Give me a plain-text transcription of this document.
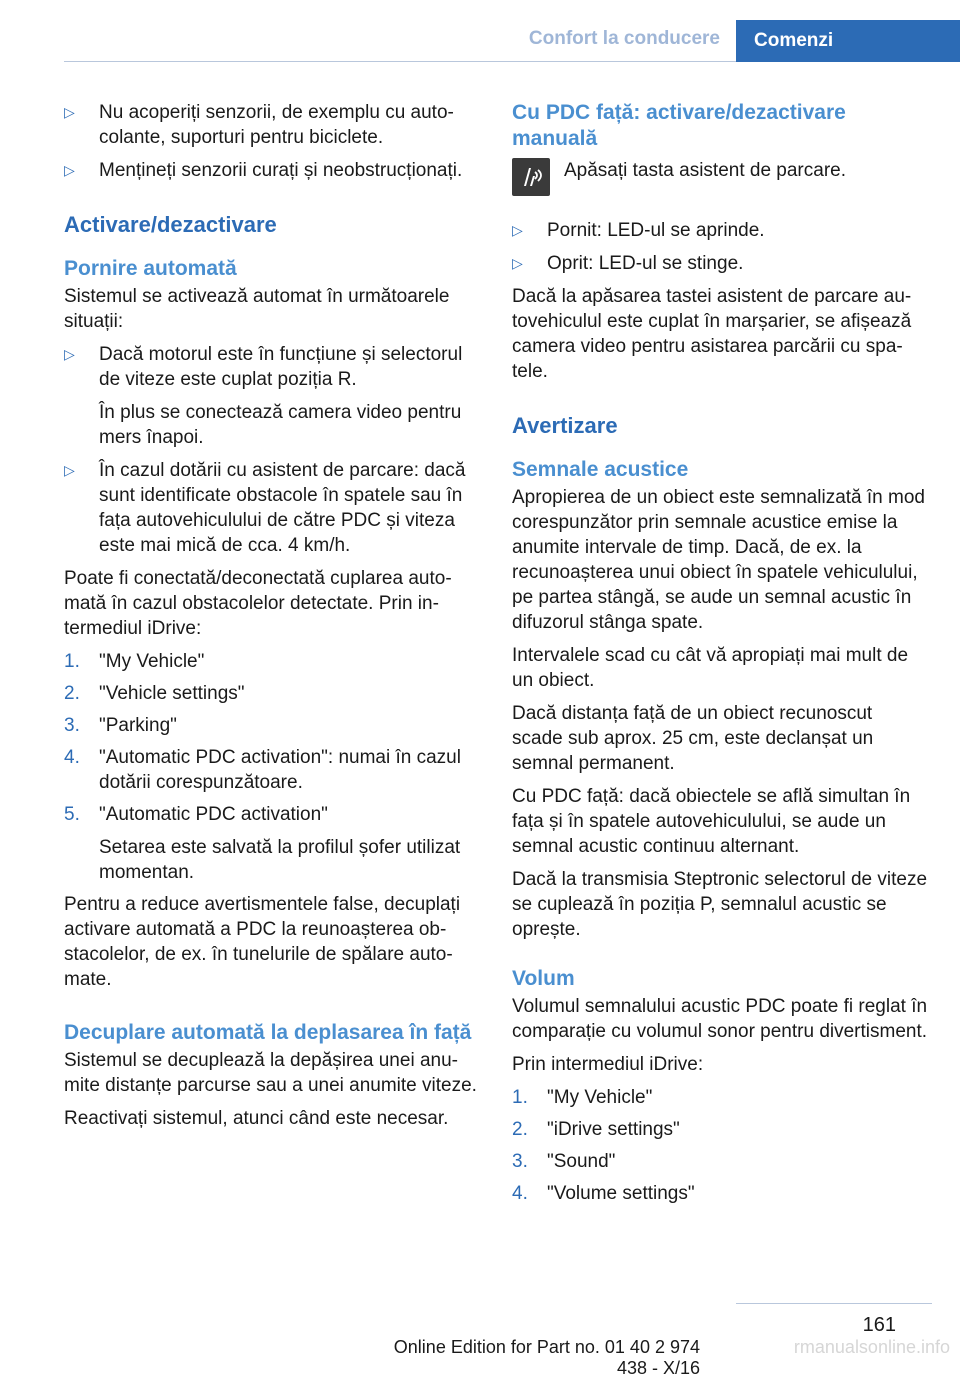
Confort la conducere	Comenzi
▷ Nu acoperiți senzorii, de exemplu cu autocolante, suporturi pentru biciclete.
▷ Mențineți senzorii curați și neobstrucționați.
Activare/dezactivare
Pornire automată

Sistemul se activează automat în următoarele situații:

▷ Dacă motorul este în funcțiune și selectorul de viteze este cuplat poziția R.
În plus se conectează camera video pentru mers înapoi.
▷ În cazul dotării cu asistent de parcare: dacă sunt identificate obstacole în spatele sau în fața autovehiculului de către PDC și viteza este mai mică de cca. 4 km/h.

Poate fi conectată/deconectată cuplarea automată în cazul obstacolelor detectate. Prin intermediul iDrive:

1. "My Vehicle"
2. "Vehicle settings"
3. "Parking"
4. "Automatic PDC activation": numai în cazul dotării corespunzătoare.
5. "Automatic PDC activation"
Setarea este salvată la profilul șofer utilizat momentan.

Pentru a reduce avertismentele false, decuplați activare automată a PDC la reunoașterea obstacolelor, de ex. în tunelurile de spălare automate.

Decuplare automată la deplasarea în față

Sistemul se decuplează la depășirea unei anumite distanțe parcurse sau a unei anumite viteze.

Reactivați sistemul, atunci când este necesar.

Cu PDC față: activare/dezactivare manuală

Apăsați tasta asistent de parcare.

▷ Pornit: LED-ul se aprinde.
▷ Oprit: LED-ul se stinge.

Dacă la apăsarea tastei asistent de parcare autovehiculul este cuplat în marșarier, se afișează camera video pentru asistarea parcării cu spatele.

Avertizare
Semnale acustice

Apropierea de un obiect este semnalizată în mod corespunzător prin semnale acustice emise la anumite intervale de timp. Dacă, de ex. la recunoașterea unui obiect în spatele vehiculului, pe partea stângă, se aude un semnal acustic în difuzorul stânga spate.

Intervalele scad cu cât vă apropiați mai mult de un obiect.

Dacă distanța față de un obiect recunoscut scade sub aprox. 25 cm, este declanșat un semnal permanent.

Cu PDC față: dacă obiectele se află simultan în fața și în spatele autovehiculului, se aude un semnal acustic continuu alternant.

Dacă la transmisia Steptronic selectorul de viteze se cuplează în poziția P, semnalul acustic se oprește.

Volum

Volumul semnalului acustic PDC poate fi reglat în comparație cu volumul sonor pentru divertisment.

Prin intermediul iDrive:

1. "My Vehicle"
2. "iDrive settings"
3. "Sound"
4. "Volume settings"
161
Online Edition for Part no. 01 40 2 974 438 - X/16
rmanualsonline.info
